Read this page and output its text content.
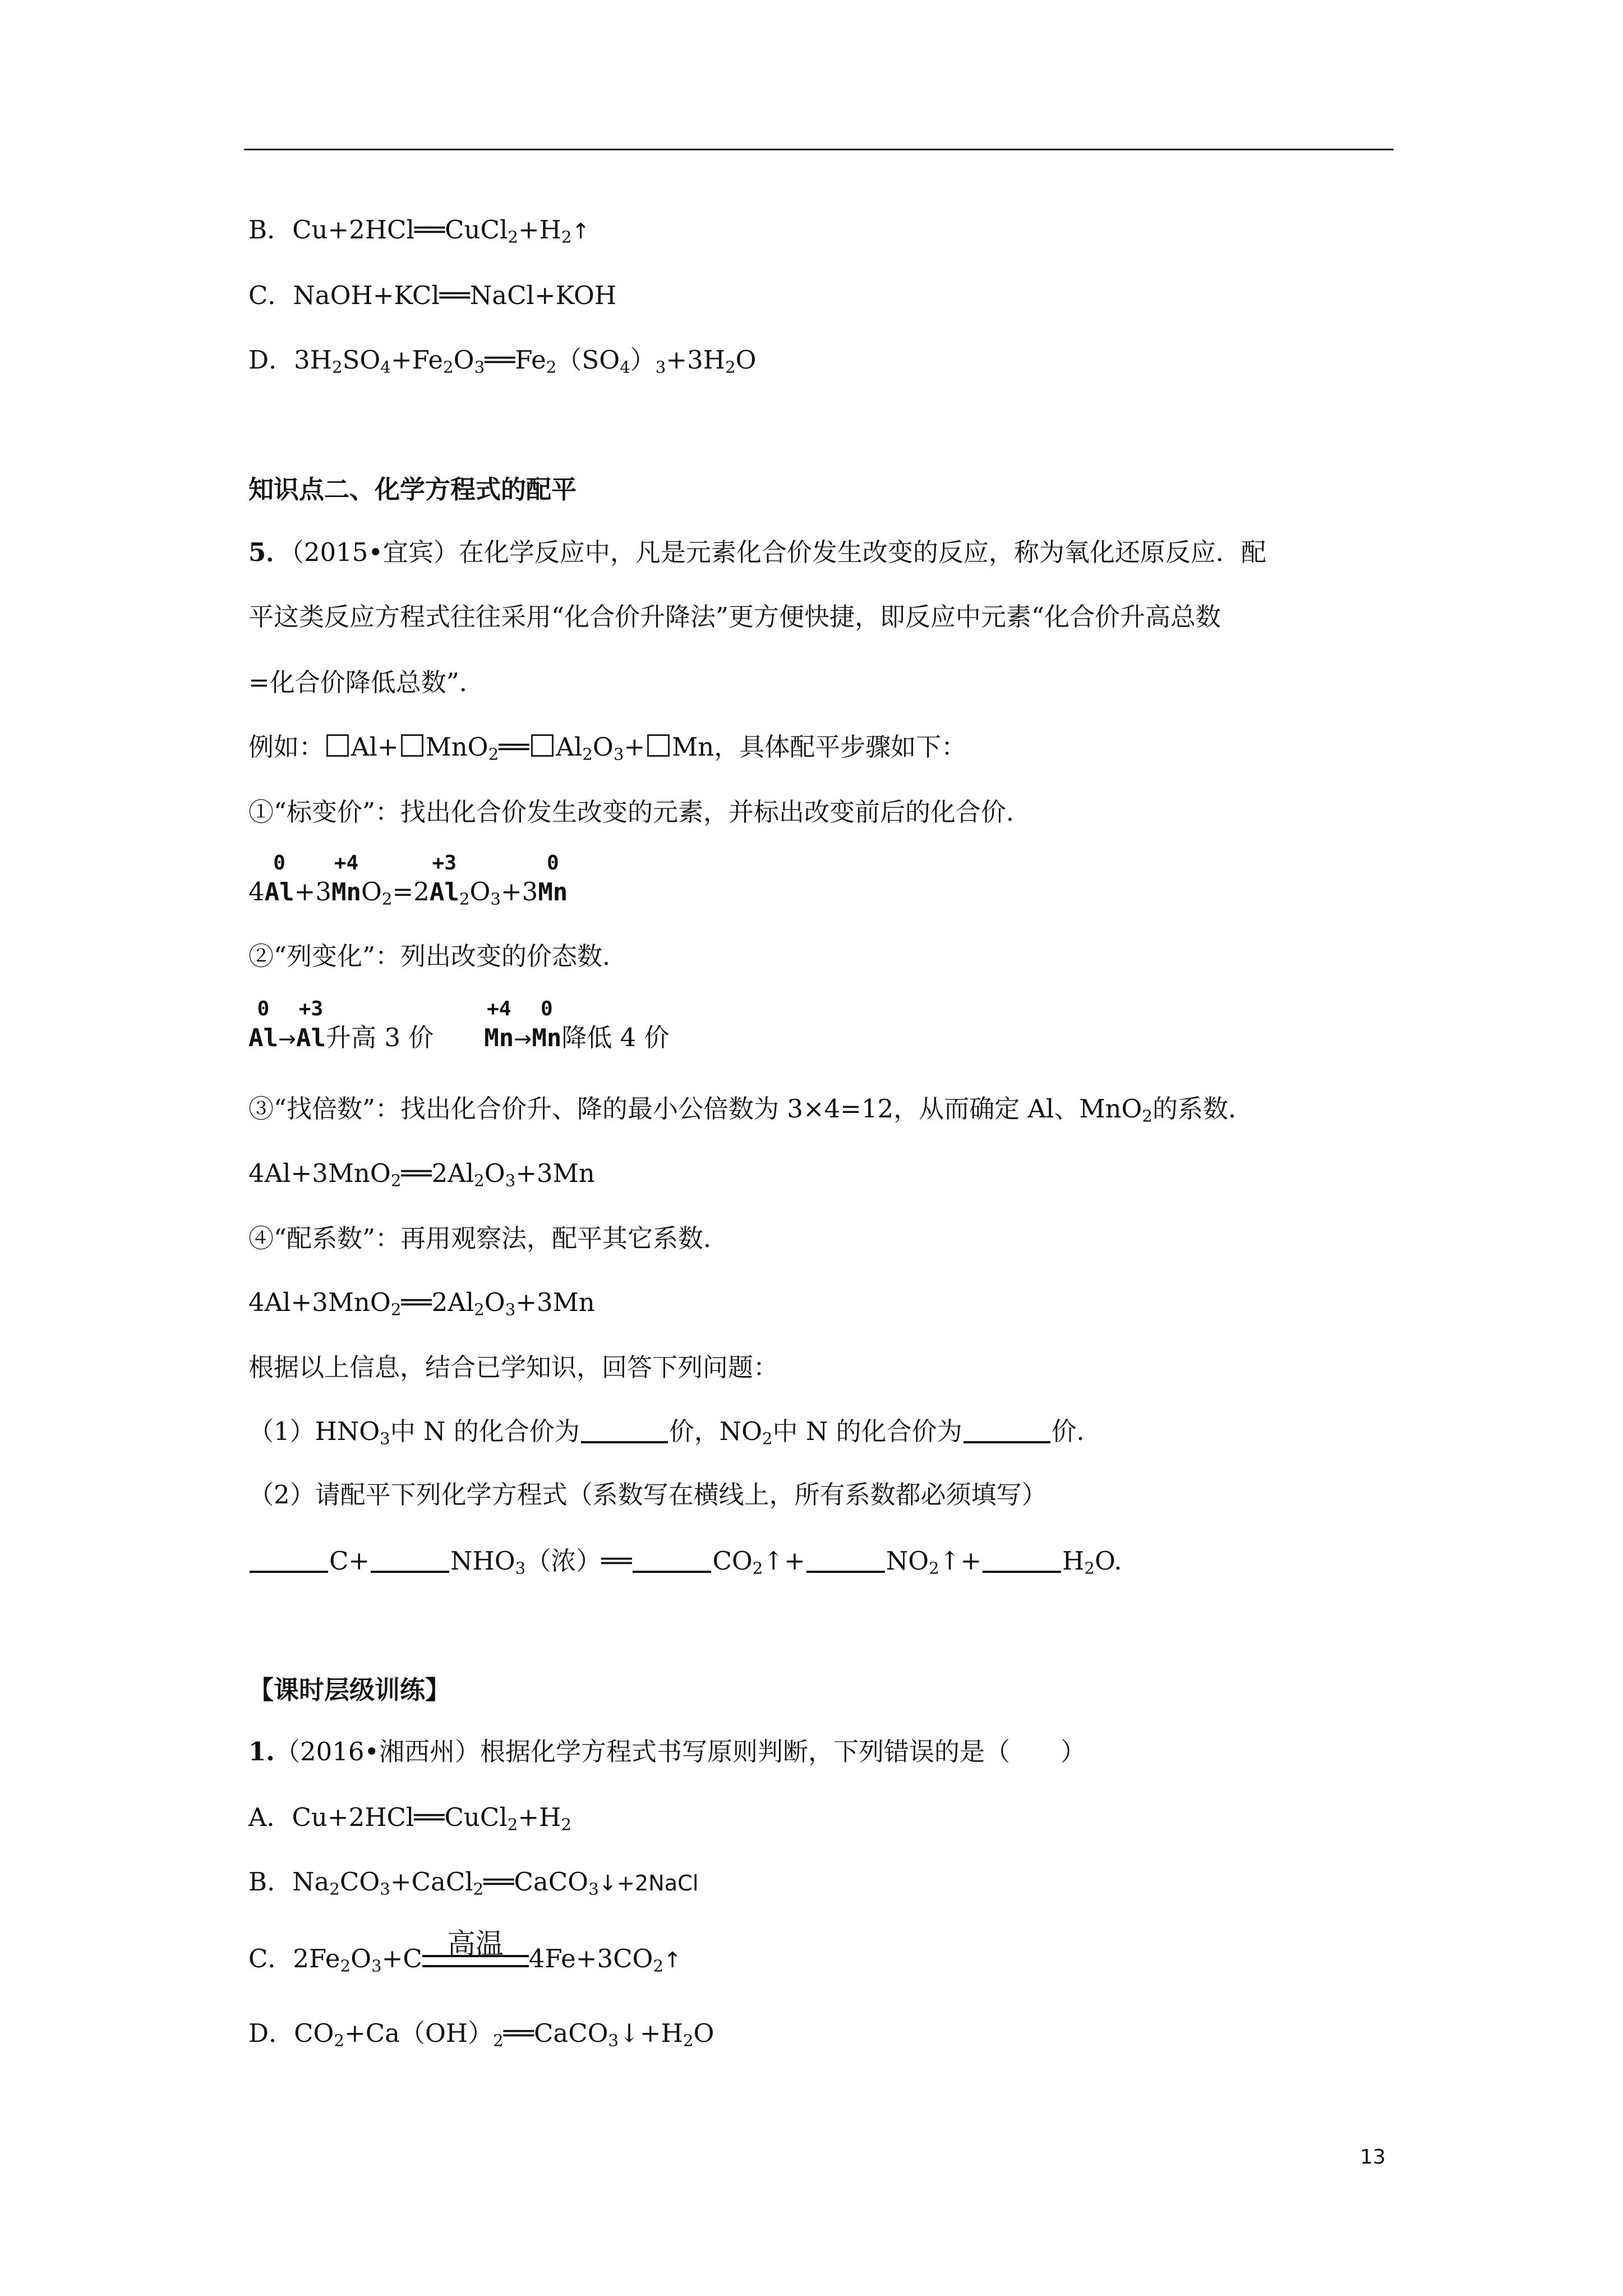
B．$Cu+2HCl══CuCl_2+H_2↑$
C．NaOH+KCl══NaCl+KOH
D．$3H_2SO_4+Fe_2O_3══Fe_2(SO_4)_3+3H_2O$
知识点二、化学方程式的配平
5．（2015•宜宾）在化学反应中，凡是元素化合价发生改变的反应，称为氧化还原反应．配
平这类反应方程式往往采用“化合价升降法”更方便快捷，即反应中元素“化合价升高总数
=化合价降低总数”．
例如： Al+ MnO$_2$══ $Al_2O_3+ Mn$，具体配平步骤如下：
①“标变价”：找出化合价发生改变的元素，并标出改变前后的化合价．
4
0
Al+3
+4
MnO$_2$=2
+3
$Al_2O_3+3$
0
Mn
②“列变化”：列出改变的价态数．
0
Al→
+3
Al升高 3 价
+4
Mn→
0
Mn降低 4 价
③“找倍数”：找出化合价升、降的最小公倍数为 3×4=12，从而确定 Al、MnO$_2$的系数．
$4Al+3MnO_2══2Al_2O_3+3Mn$
④“配系数”：再用观察法，配平其它系数．
$4Al+3MnO_2══2Al_2O_3+3Mn$
根据以上信息，结合已学知识，回答下列问题：
$(1)HNO_3$中 N 的化合价为	价，$NO_2$中 N 的化合价为	价．
（2）请配平下列化学方程式（系数写在横线上，所有系数都必须填写）
C+	$NHO_3$（浓）══	$CO_2↑+$	$NO_2↑+$	$H_2O$.
【课时层级训练】
1.（2016•湘西州）根据化学方程式书写原则判断，下列错误的是（　　）
A．$Cu+2HCl══CuCl_2+H_2$
B．$Na_2CO_3+CaCl_2══CaCO_3↓+2NaCl$
C．$2Fe_2O_3+C$ 高温	$4Fe+3CO_2↑$
D．$CO_2+Ca(OH)_2══CaCO_3↓+H_2O$
13
